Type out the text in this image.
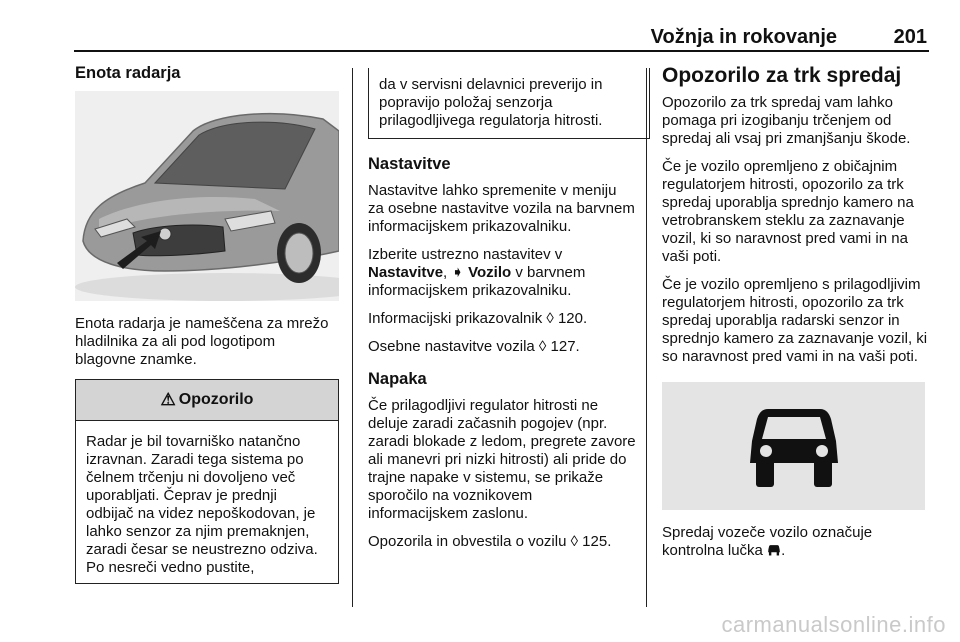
Vožnja in rokovanje	201
Enota radarja

Enota radarja je nameščena za mrežo hladilnika za ali pod logotipom blagovne znamke.

⚠ Opozorilo
Radar je bil tovarniško natančno izravnan. Zaradi tega sistema po čelnem trčenju ni dovoljeno več uporabljati. Čeprav je prednji odbijač na videz nepoškodovan, je lahko senzor za njim premaknjen, zaradi česar se neustrezno odziva. Po nesreči vedno pustite,
da v servisni delavnici preverijo in popravijo položaj senzorja prilagodljivega regulatorja hitrosti.
Nastavitve

Nastavitve lahko spremenite v meniju za osebne nastavitve vozila na barvnem informacijskem prikazovalniku.

Izberite ustrezno nastavitev v
Nastavitve, ➧ Vozilo v barvnem informacijskem prikazovalniku.

Informacijski prikazovalnik ◊ 120.

Osebne nastavitve vozila ◊ 127.

Napaka

Če prilagodljivi regulator hitrosti ne deluje zaradi začasnih pogojev (npr. zaradi blokade z ledom, pregrete zavore ali manevri pri nizki hitrosti) ali pride do trajne napake v sistemu, se prikaže sporočilo na voznikovem informacijskem zaslonu.

Opozorila in obvestila o vozilu ◊ 125.

Opozorilo za trk spredaj

Opozorilo za trk spredaj vam lahko pomaga pri izogibanju trčenjem od spredaj ali vsaj pri zmanjšanju škode.

Če je vozilo opremljeno z običajnim regulatorjem hitrosti, opozorilo za trk spredaj uporablja sprednjo kamero na vetrobranskem steklu za zaznavanje vozil, ki so naravnost pred vami in na vaši poti.

Če je vozilo opremljeno s prilagodljivim regulatorjem hitrosti, opozorilo za trk spredaj uporablja radarski senzor in sprednjo kamero za zaznavanje vozil, ki so naravnost pred vami in na vaši poti.

Spredaj vozeče vozilo označuje kontrolna lučka .

carmanualsonline.info
